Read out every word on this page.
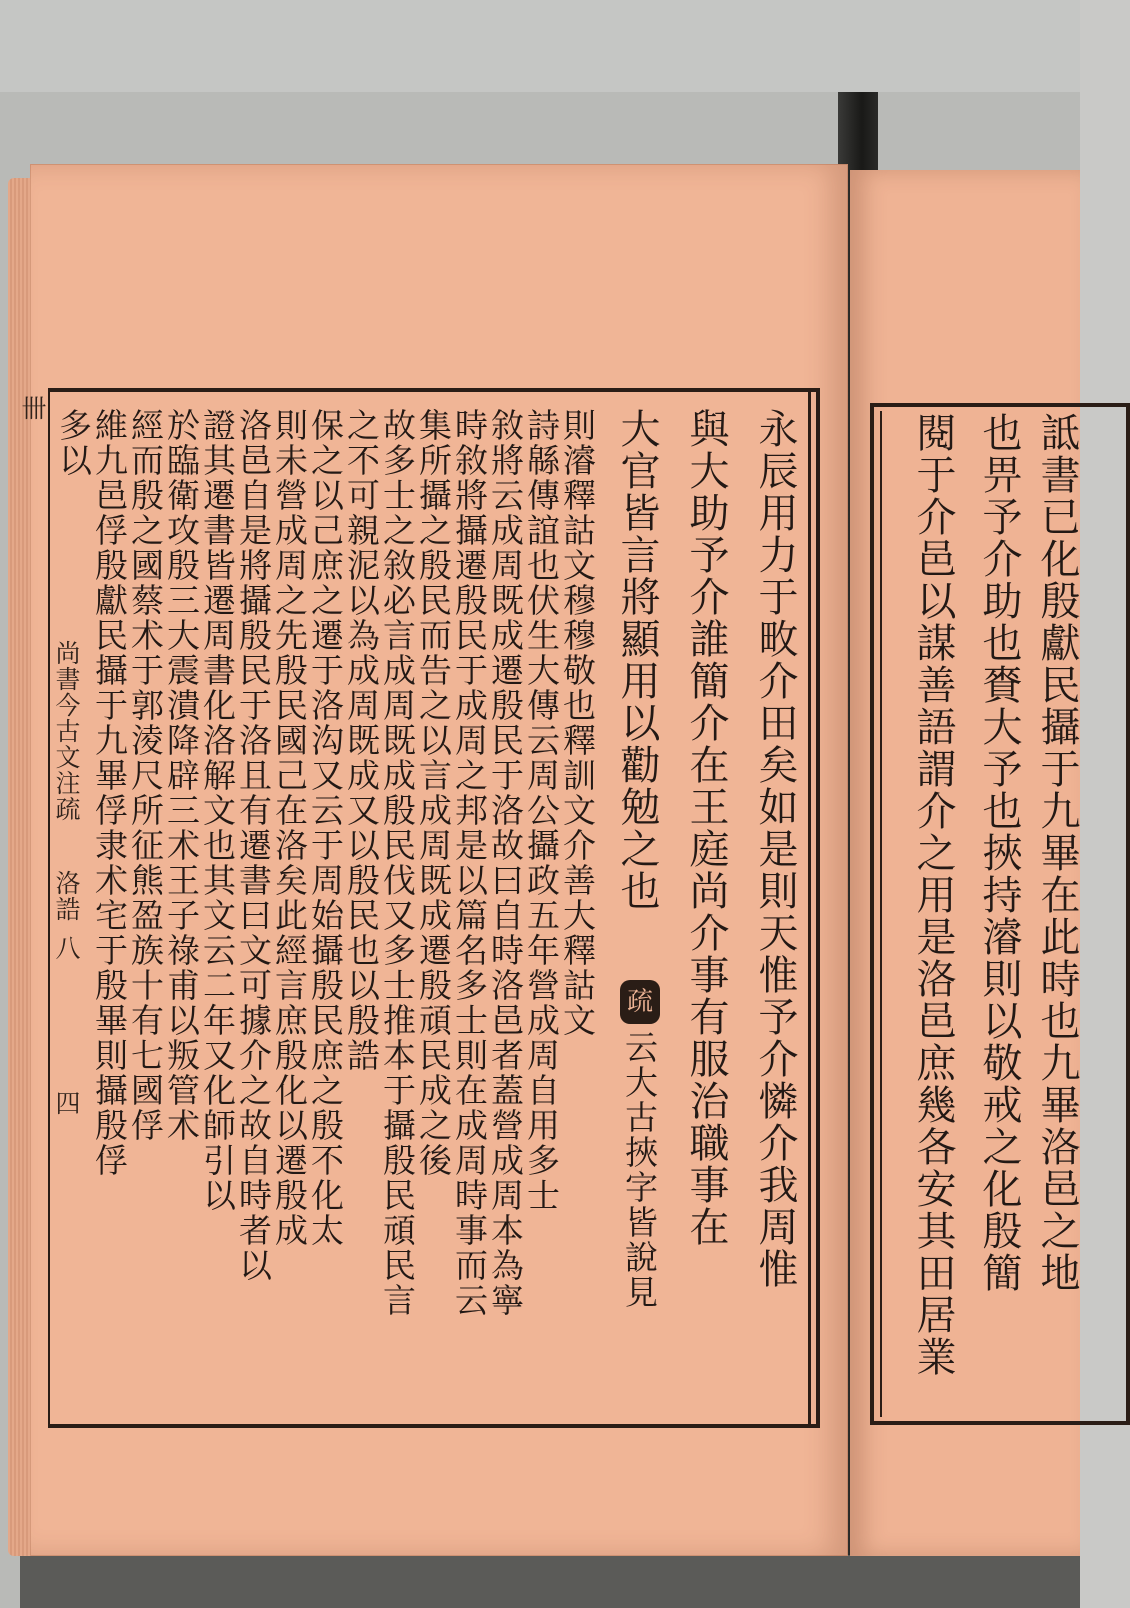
卌
尚書今古文注疏
洛誥
八
四	永辰用力于畋介田矣如是則天惟予介憐介我周惟
與大助予介誰簡介在王庭尚介事有服治職事在
大官皆言將顯用以勸勉之也
疏
云大古挾字皆說見
則濬釋詁文穆穆敬也釋訓文介善大釋詁文
詩緜傳誼也伏生大傳云周公攝政五年營成周自用多士
敘將云成周既成遷殷民于洛故曰自時洛邑者蓋營成周本為寧
時敘將攝遷殷民于成周之邦是以篇名多士則在成周時事而云
集所攝之殷民而告之以言成周既成遷殷頑民成之後
故多士之敘必言成周既成殷民伐又多士推本于攝殷民頑民言
之不可親泥以為成周既成又以殷民也以殷誥
保之以己庶之遷于洛沟又云于周始攝殷民庶之殷不化太
則未營成周之先殷民國己在洛矣此經言庶殷化以遷殷成
洛邑自是將攝殷民于洛且有遷書曰文可據介之故自時者以
證其遷書皆遷周書化洛解文也其文云二年又化師引以
於臨衛攻殷三大震潰降辟三术王子祿甫以叛管术
經而殷之國蔡术于郭淩尺所征熊盈族十有七國俘
維九邑俘殷獻民攝于九畢俘隶术宅于殷畢則攝殷俘
多以	閱于介邑以謀善語謂介之用是洛邑庶幾各安其田居業 也畀予介助也賚大予也挾持濬則以敬戒之化殷簡 詆書已化殷獻民攝于九畢在此時也九畢洛邑之地
